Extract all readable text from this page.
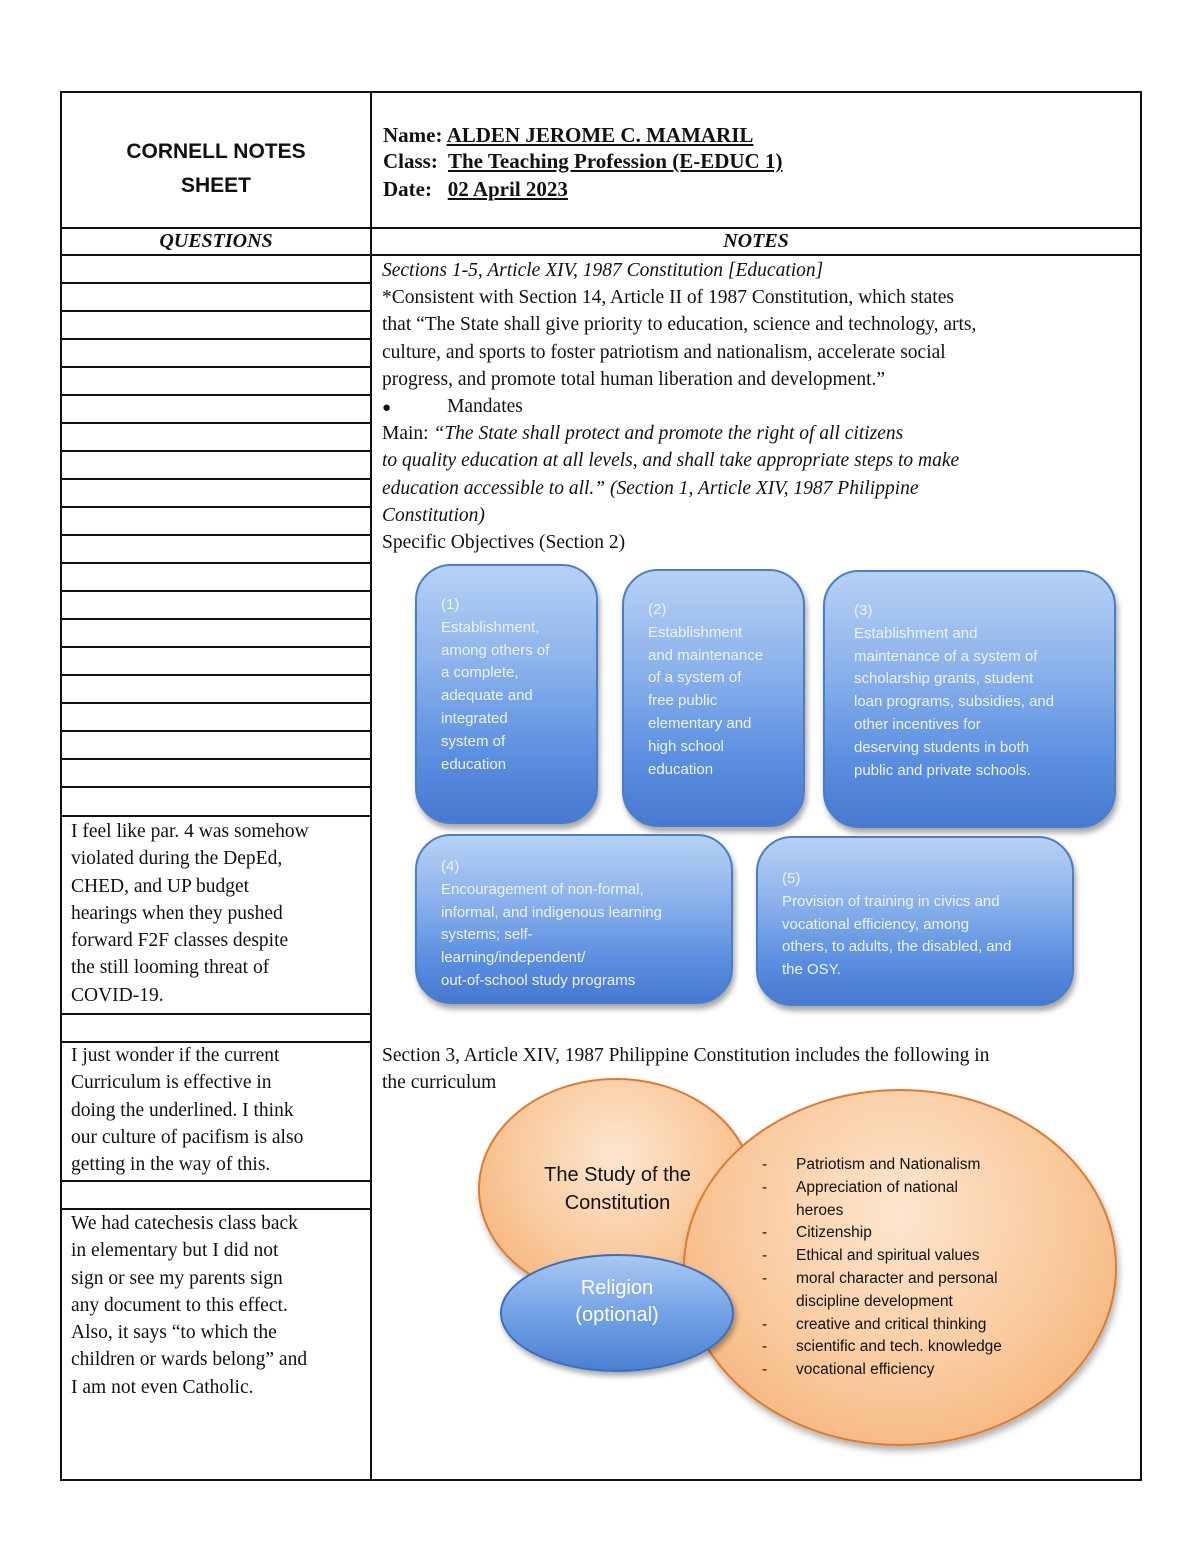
CORNELL NOTES
SHEET
Name: ALDEN JEROME C. MAMARIL
Class: The Teaching Profession (E-EDUC 1)
Date: 02 April 2023
QUESTIONS	NOTES
Sections 1-5, Article XIV, 1987 Constitution [Education]
*Consistent with Section 14, Article II of 1987 Constitution, which states
that “The State shall give priority to education, science and technology, arts,
culture, and sports to foster patriotism and nationalism, accelerate social
progress, and promote total human liberation and development.”
●	Mandates
Main: “The State shall protect and promote the right of all citizens
to quality education at all levels, and shall take appropriate steps to make
education accessible to all.” (Section 1, Article XIV, 1987 Philippine
Constitution)
Specific Objectives (Section 2)
(1)
Establishment,
among others of
a complete,
adequate and
integrated
system of
education
(2)
Establishment
and maintenance
of a system of
free public
elementary and
high school
education
(3)
Establishment and
maintenance of a system of
scholarship grants, student
loan programs, subsidies, and
other incentives for
deserving students in both
public and private schools.
(4)
Encouragement of non-formal,
informal, and indigenous learning
systems; self-
learning/independent/
out-of-school study programs
(5)
Provision of training in civics and
vocational efficiency, among
others, to adults, the disabled, and
the OSY.
Section 3, Article XIV, 1987 Philippine Constitution includes the following in
the curriculum
The Study of the
Constitution
Religion
(optional)
- Patriotism and Nationalism
- Appreciation of national
heroes
- Citizenship
- Ethical and spiritual values
- moral character and personal
discipline development
- creative and critical thinking
- scientific and tech. knowledge
- vocational efficiency
I feel like par. 4 was somehow
violated during the DepEd,
CHED, and UP budget
hearings when they pushed
forward F2F classes despite
the still looming threat of
COVID-19.
I just wonder if the current
Curriculum is effective in
doing the underlined. I think
our culture of pacifism is also
getting in the way of this.
We had catechesis class back
in elementary but I did not
sign or see my parents sign
any document to this effect.
Also, it says “to which the
children or wards belong” and
I am not even Catholic.
